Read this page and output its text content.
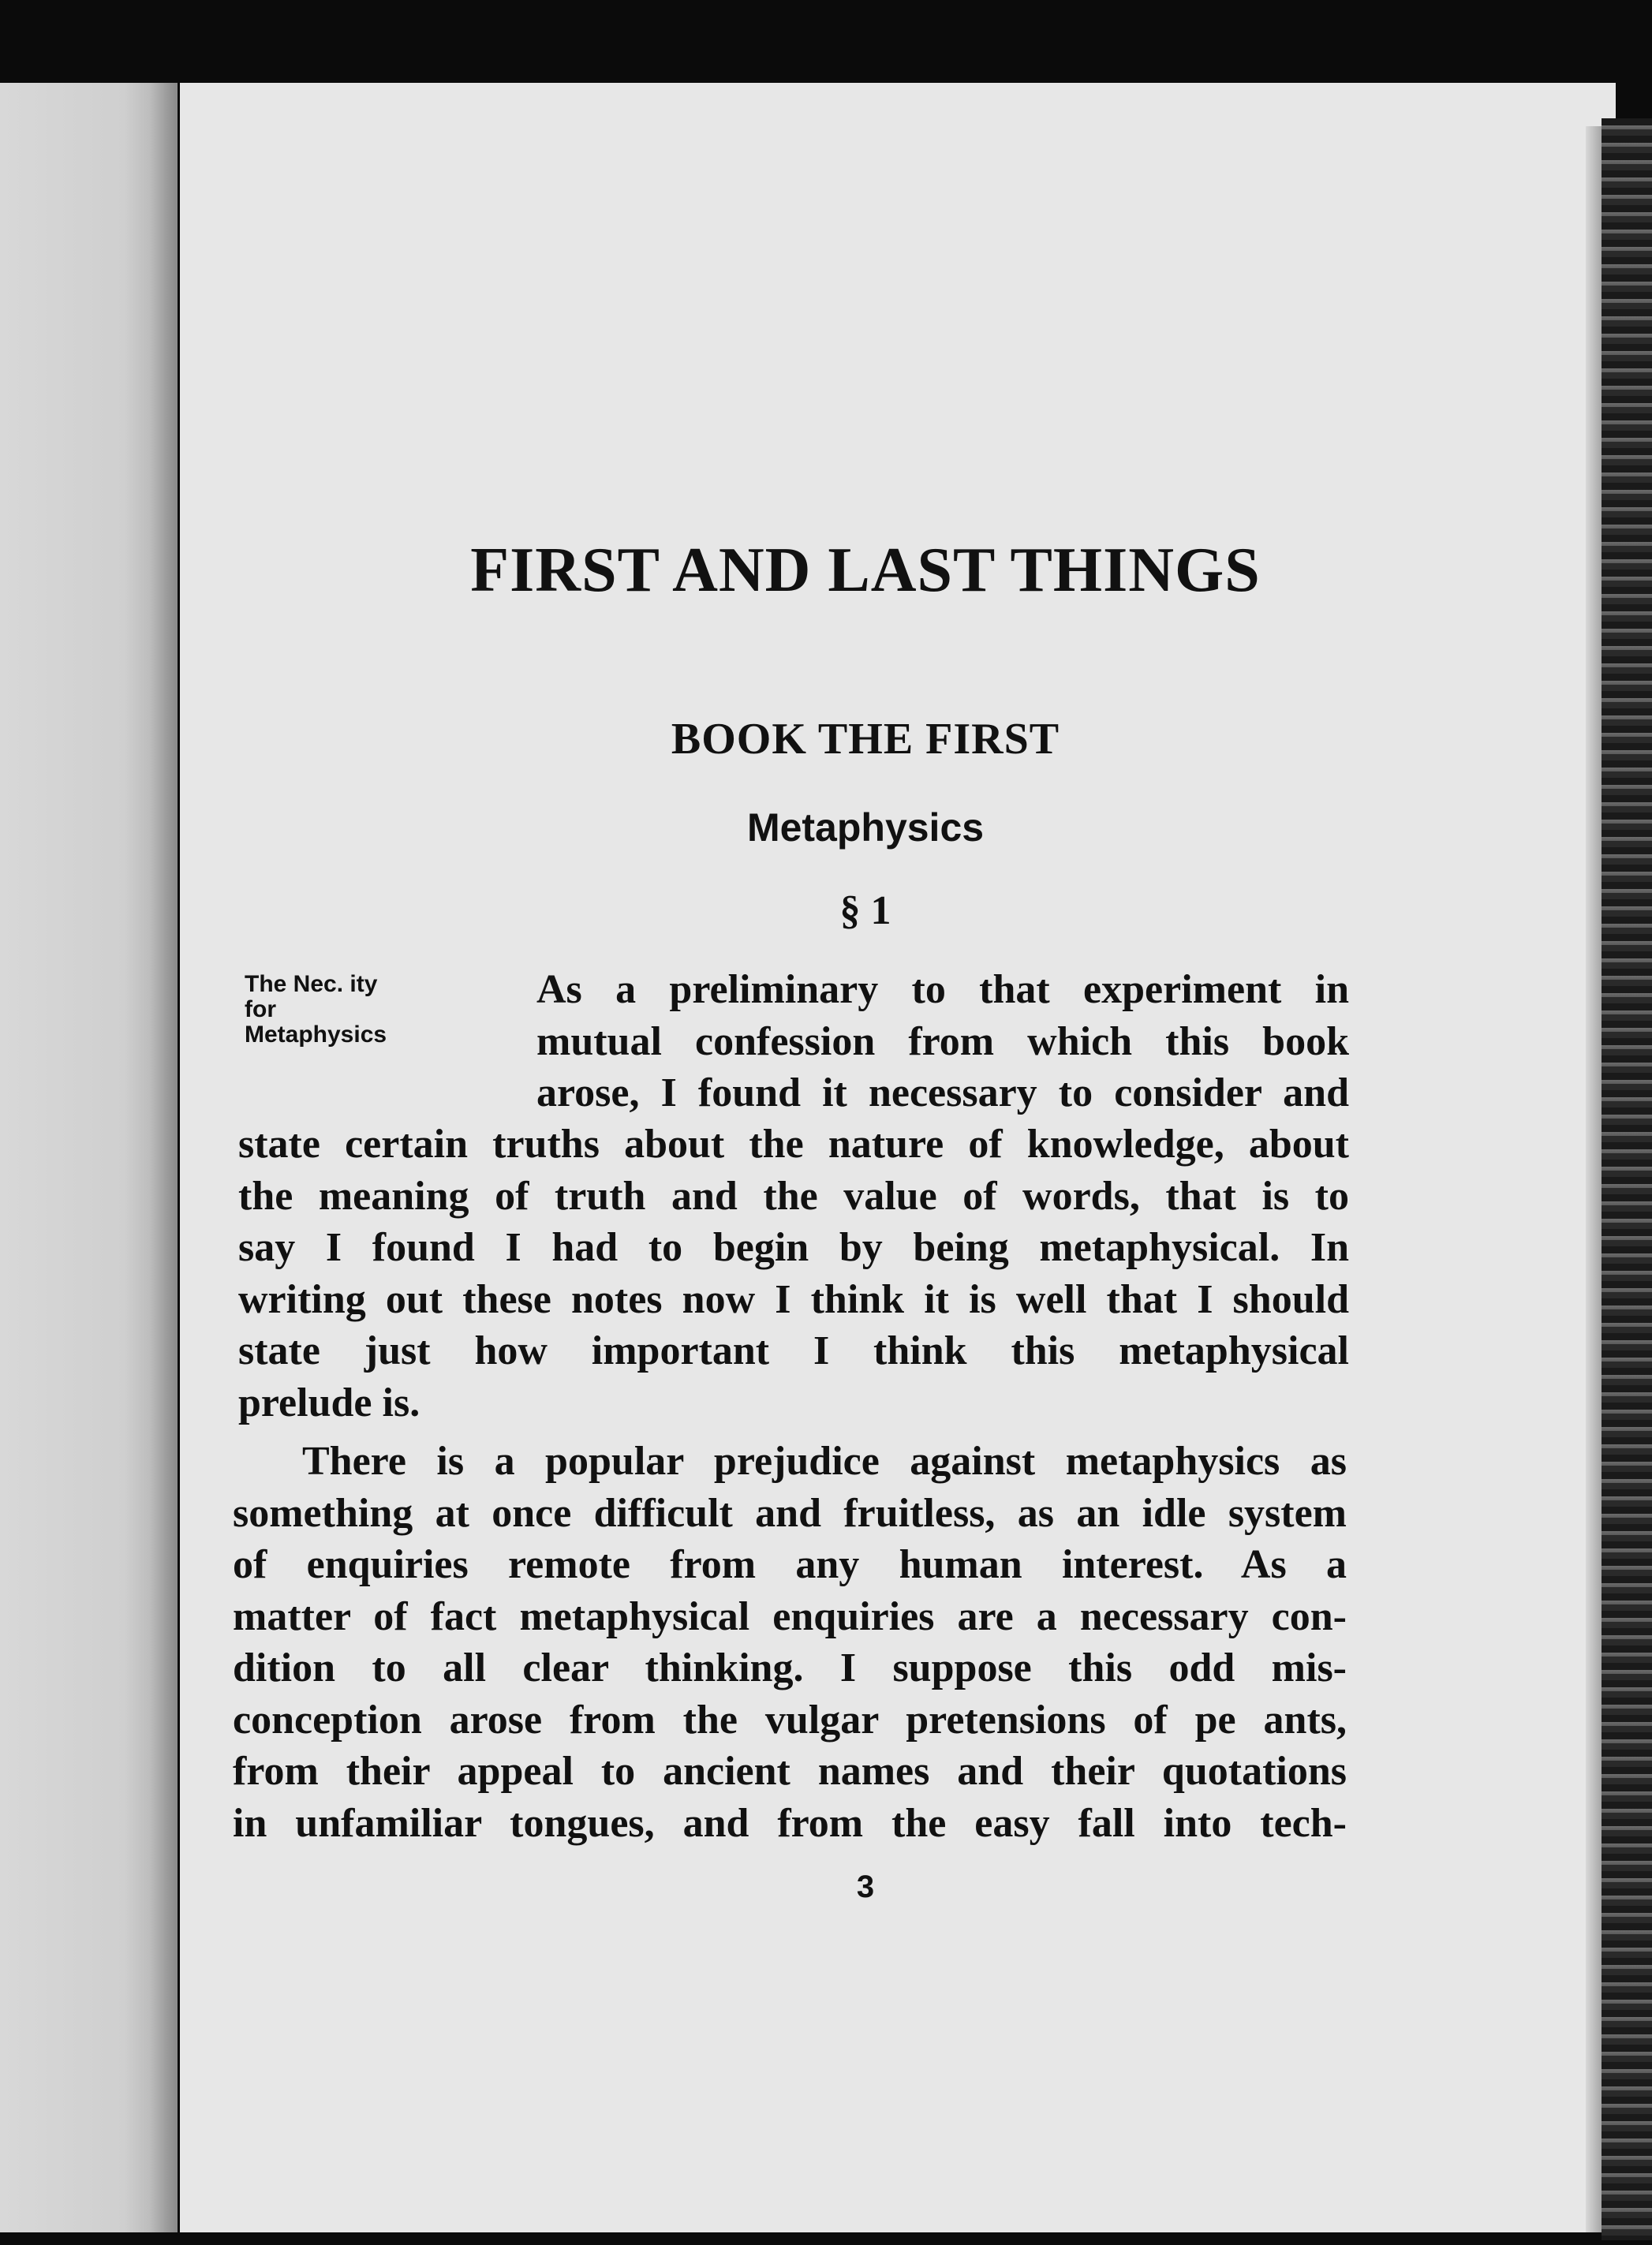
FIRST AND LAST THINGS
BOOK THE FIRST
Metaphysics
§ 1
The Nec. ity
for
Metaphysics
As a preliminary to that experiment in
mutual confession from which this book
arose, I found it necessary to consider and
state certain truths about the nature of knowledge, about
the meaning of truth and the value of words, that is to
say I found I had to begin by being metaphysical. In
writing out these notes now I think it is well that I should
state just how important I think this metaphysical
prelude is.
There is a popular prejudice against metaphysics as
something at once difficult and fruitless, as an idle system
of enquiries remote from any human interest. As a
matter of fact metaphysical enquiries are a necessary con-
dition to all clear thinking. I suppose this odd mis-
conception arose from the vulgar pretensions of pe ants,
from their appeal to ancient names and their quotations
in unfamiliar tongues, and from the easy fall into tech-
3
